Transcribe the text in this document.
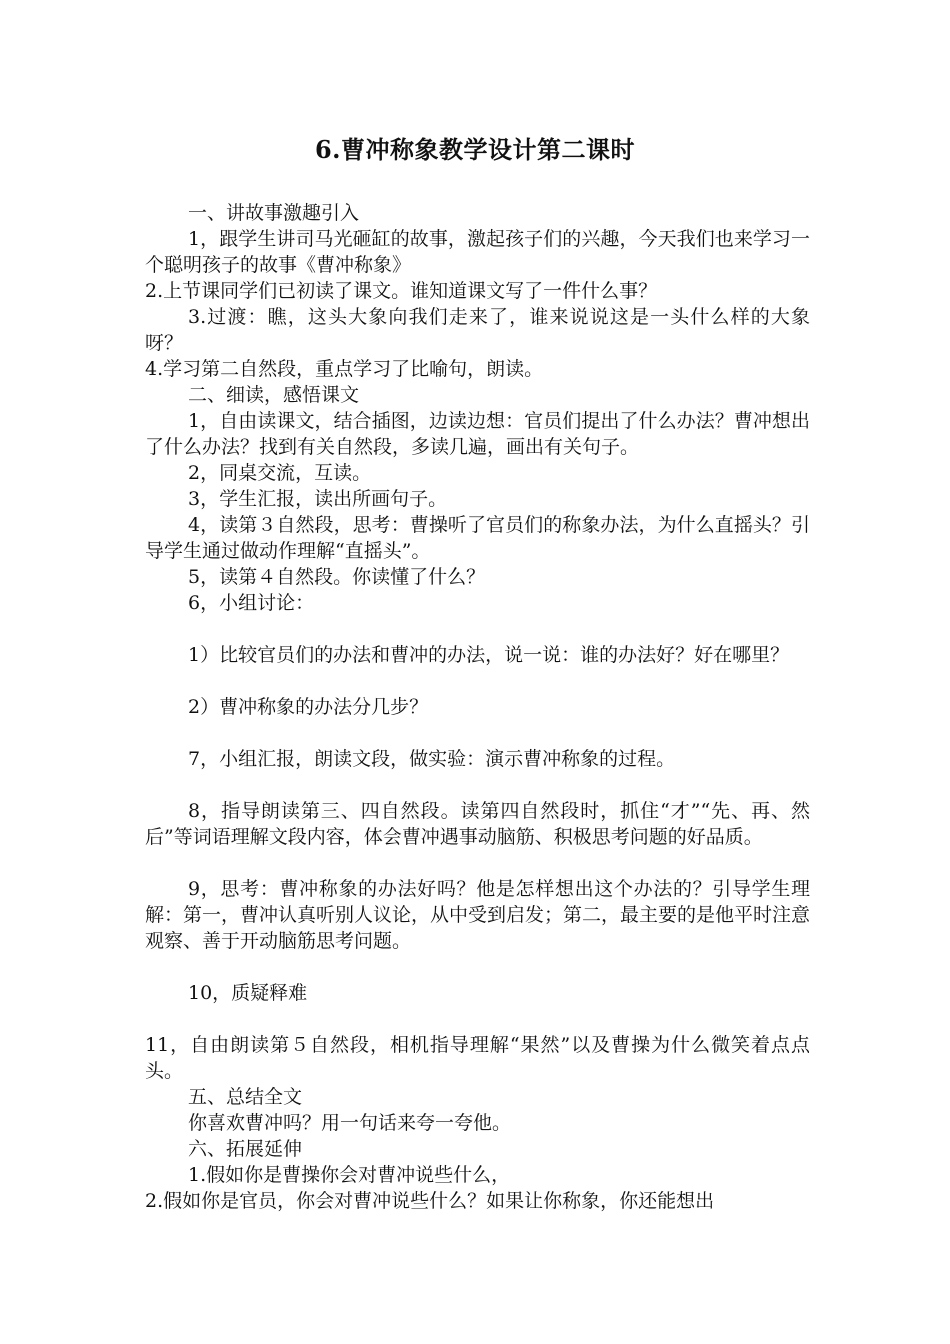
6.曹冲称象教学设计第二课时

一、讲故事激趣引入

1，跟学生讲司马光砸缸的故事，激起孩子们的兴趣，今天我们也来学习一个聪明孩子的故事《曹冲称象》

2.上节课同学们已初读了课文。谁知道课文写了一件什么事？

3.过渡：瞧，这头大象向我们走来了，谁来说说这是一头什么样的大象呀？

4.学习第二自然段，重点学习了比喻句，朗读。

二、细读，感悟课文

1，自由读课文，结合插图，边读边想：官员们提出了什么办法？曹冲想出了什么办法？找到有关自然段，多读几遍，画出有关句子。

2，同桌交流，互读。

3，学生汇报，读出所画句子。

4，读第３自然段，思考：曹操听了官员们的称象办法，为什么直摇头？引导学生通过做动作理解“直摇头”。

5，读第４自然段。你读懂了什么？

6，小组讨论：

1）比较官员们的办法和曹冲的办法，说一说：谁的办法好？好在哪里？

2）曹冲称象的办法分几步？

7，小组汇报，朗读文段，做实验：演示曹冲称象的过程。

8，指导朗读第三、四自然段。读第四自然段时，抓住“才”“先、再、然后”等词语理解文段内容，体会曹冲遇事动脑筋、积极思考问题的好品质。

9，思考：曹冲称象的办法好吗？他是怎样想出这个办法的？引导学生理解：第一，曹冲认真听别人议论，从中受到启发；第二，最主要的是他平时注意观察、善于开动脑筋思考问题。

10，质疑释难

11，自由朗读第５自然段，相机指导理解“果然”以及曹操为什么微笑着点点头。

五、总结全文

你喜欢曹冲吗？用一句话来夸一夸他。

六、拓展延伸

1.假如你是曹操你会对曹冲说些什么，

2.假如你是官员，你会对曹冲说些什么？如果让你称象，你还能想出
